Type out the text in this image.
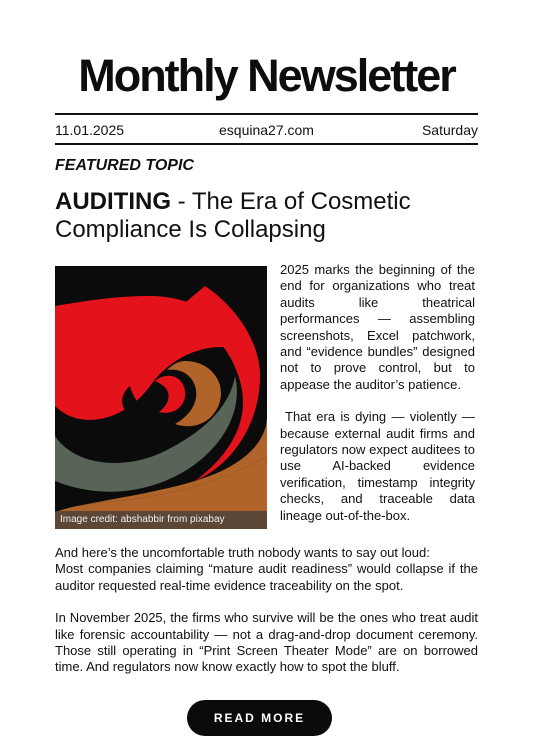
Monthly Newsletter
11.01.2025	esquina27.com	Saturday

FEATURED TOPIC

AUDITING - The Era of Cosmetic Compliance Is Collapsing
Image credit: abshabbir from pixabay

2025 marks the beginning of the end for organizations who treat audits like theatrical performances — assembling screenshots, Excel patchwork, and “evidence bundles” designed not to prove control, but to appease the auditor’s patience.

That era is dying — violently — because external audit firms and regulators now expect auditees to use AI-backed evidence verification, timestamp integrity checks, and traceable data lineage out-of-the-box.

And here’s the uncomfortable truth nobody wants to say out loud:
Most companies claiming “mature audit readiness” would collapse if the auditor requested real-time evidence traceability on the spot.

In November 2025, the firms who survive will be the ones who treat audit like forensic accountability — not a drag-and-drop document ceremony. Those still operating in “Print Screen Theater Mode” are on borrowed time. And regulators now know exactly how to spot the bluff.

READ MORE
